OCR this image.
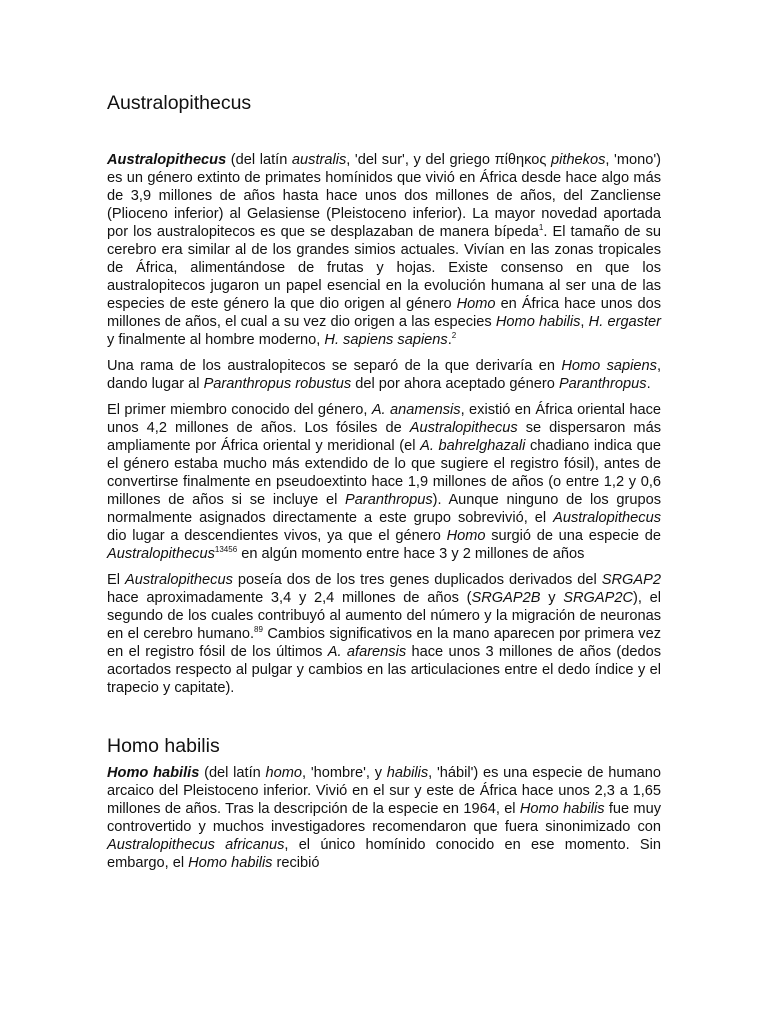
Australopithecus

Australopithecus (del latín australis, 'del sur', y del griego πίθηκος pithekos, 'mono') es un género extinto de primates homínidos que vivió en África desde hace algo más de 3,9 millones de años hasta hace unos dos millones de años, del Zancliense (Plioceno inferior) al Gelasiense (Pleistoceno inferior). La mayor novedad aportada por los australopitecos es que se desplazaban de manera bípeda$^1$. El tamaño de su cerebro era similar al de los grandes simios actuales. Vivían en las zonas tropicales de África, alimentándose de frutas y hojas. Existe consenso en que los australopitecos jugaron un papel esencial en la evolución humana al ser una de las especies de este género la que dio origen al género Homo en África hace unos dos millones de años, el cual a su vez dio origen a las especies Homo habilis, H. ergaster y finalmente al hombre moderno, H. sapiens sapiens.$^2$

Una rama de los australopitecos se separó de la que derivaría en Homo sapiens, dando lugar al Paranthropus robustus del por ahora aceptado género Paranthropus.

El primer miembro conocido del género, A. anamensis, existió en África oriental hace unos 4,2 millones de años. Los fósiles de Australopithecus se dispersaron más ampliamente por África oriental y meridional (el A. bahrelghazali chadiano indica que el género estaba mucho más extendido de lo que sugiere el registro fósil), antes de convertirse finalmente en pseudoextinto hace 1,9 millones de años (o entre 1,2 y 0,6 millones de años si se incluye el Paranthropus). Aunque ninguno de los grupos normalmente asignados directamente a este grupo sobrevivió, el Australopithecus dio lugar a descendientes vivos, ya que el género Homo surgió de una especie de Australopithecus$^{13456}$ en algún momento entre hace 3 y 2 millones de años

El Australopithecus poseía dos de los tres genes duplicados derivados del SRGAP2 hace aproximadamente 3,4 y 2,4 millones de años (SRGAP2B y SRGAP2C), el segundo de los cuales contribuyó al aumento del número y la migración de neuronas en el cerebro humano.$^{89}$ Cambios significativos en la mano aparecen por primera vez en el registro fósil de los últimos A. afarensis hace unos 3 millones de años (dedos acortados respecto al pulgar y cambios en las articulaciones entre el dedo índice y el trapecio y capitate).

Homo habilis

Homo habilis (del latín homo, 'hombre', y habilis, 'hábil') es una especie de humano arcaico del Pleistoceno inferior. Vivió en el sur y este de África hace unos 2,3 a 1,65 millones de años. Tras la descripción de la especie en 1964, el Homo habilis fue muy controvertido y muchos investigadores recomendaron que fuera sinonimizado con Australopithecus africanus, el único homínido conocido en ese momento. Sin embargo, el Homo habilis recibió
